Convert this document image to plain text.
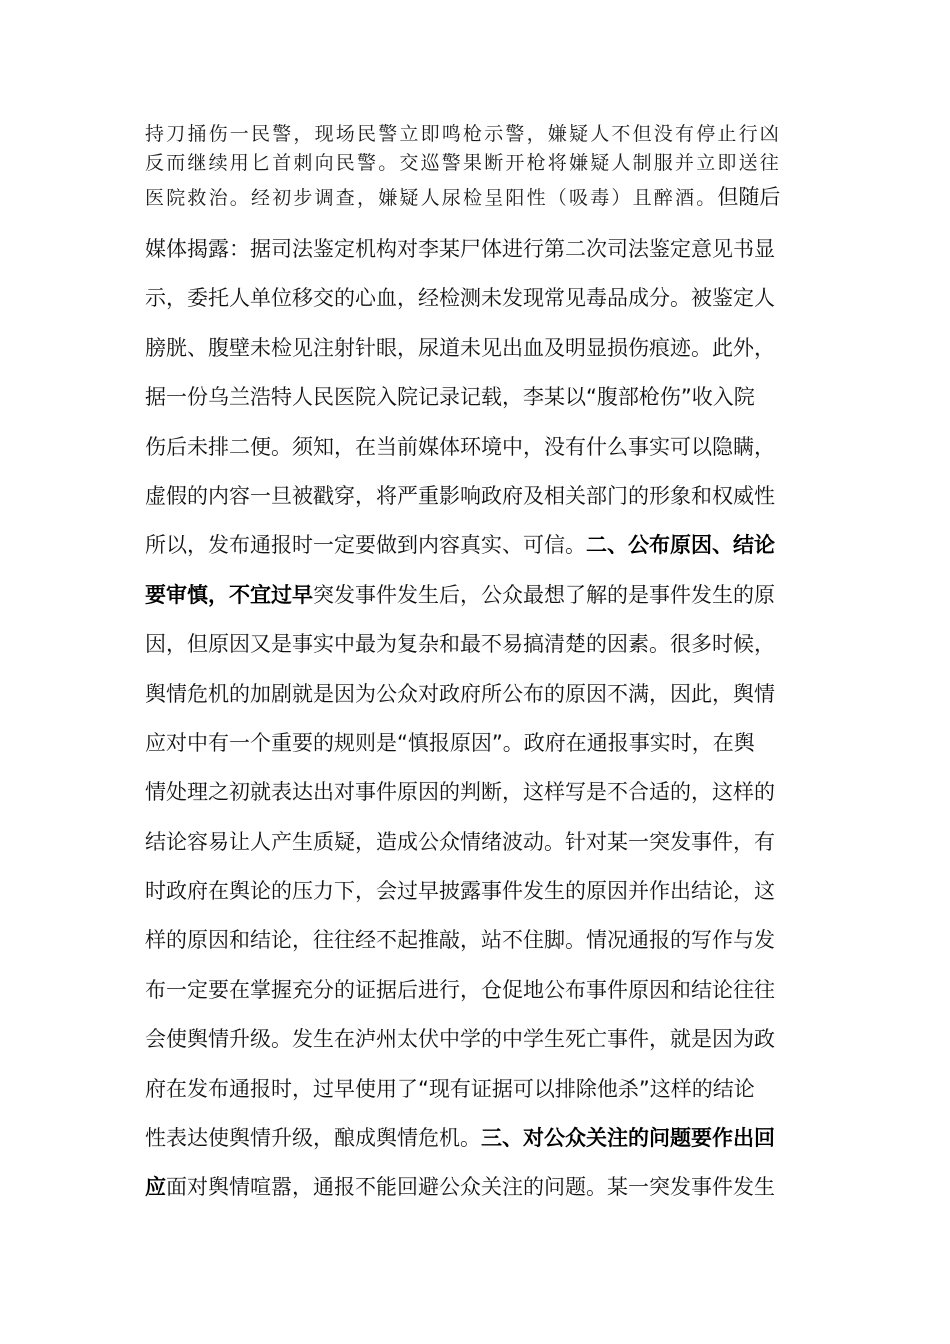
持刀捅伤一民警，现场民警立即鸣枪示警，嫌疑人不但没有停止行凶
反而继续用匕首刺向民警。交巡警果断开枪将嫌疑人制服并立即送往
医院救治。经初步调查，嫌疑人尿检呈阳性（吸毒）且醉酒。但随后
媒体揭露：据司法鉴定机构对李某尸体进行第二次司法鉴定意见书显
示，委托人单位移交的心血，经检测未发现常见毒品成分。被鉴定人
膀胱、腹壁未检见注射针眼，尿道未见出血及明显损伤痕迹。此外，
据一份乌兰浩特人民医院入院记录记载，李某以“腹部枪伤”收入院
伤后未排二便。须知，在当前媒体环境中，没有什么事实可以隐瞒，
虚假的内容一旦被戳穿，将严重影响政府及相关部门的形象和权威性
所以，发布通报时一定要做到内容真实、可信。二、公布原因、结论
要审慎，不宜过早突发事件发生后，公众最想了解的是事件发生的原
因，但原因又是事实中最为复杂和最不易搞清楚的因素。很多时候，
舆情危机的加剧就是因为公众对政府所公布的原因不满，因此，舆情
应对中有一个重要的规则是“慎报原因”。政府在通报事实时，在舆
情处理之初就表达出对事件原因的判断，这样写是不合适的，这样的
结论容易让人产生质疑，造成公众情绪波动。针对某一突发事件，有
时政府在舆论的压力下，会过早披露事件发生的原因并作出结论，这
样的原因和结论，往往经不起推敲，站不住脚。情况通报的写作与发
布一定要在掌握充分的证据后进行，仓促地公布事件原因和结论往往
会使舆情升级。发生在泸州太伏中学的中学生死亡事件，就是因为政
府在发布通报时，过早使用了“现有证据可以排除他杀”这样的结论
性表达使舆情升级，酿成舆情危机。三、对公众关注的问题要作出回
应面对舆情喧嚣，通报不能回避公众关注的问题。某一突发事件发生
